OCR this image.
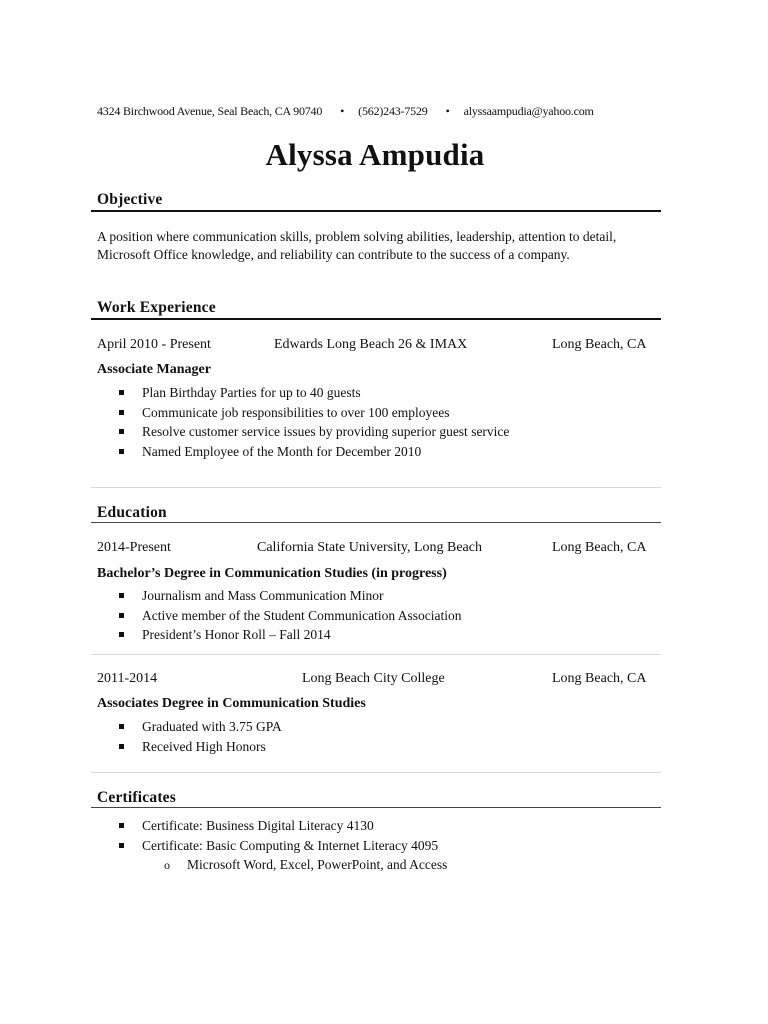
4324 Birchwood Avenue, Seal Beach, CA 90740 • (562)243-7529 • alyssaampudia@yahoo.com
Alyssa Ampudia
Objective
A position where communication skills, problem solving abilities, leadership, attention to detail, Microsoft Office knowledge, and reliability can contribute to the success of a company.
Work Experience
April 2010 - Present	Edwards Long Beach 26 & IMAX	Long Beach, CA
Associate Manager
Plan Birthday Parties for up to 40 guests
Communicate job responsibilities to over 100 employees
Resolve customer service issues by providing superior guest service
Named Employee of the Month for December 2010
Education
2014-Present	California State University, Long Beach	Long Beach, CA
Bachelor’s Degree in Communication Studies (in progress)
Journalism and Mass Communication Minor
Active member of the Student Communication Association
President’s Honor Roll – Fall 2014
2011-2014	Long Beach City College	Long Beach, CA
Associates Degree in Communication Studies
Graduated with 3.75 GPA
Received High Honors
Certificates
Certificate: Business Digital Literacy 4130
Certificate: Basic Computing & Internet Literacy 4095
o Microsoft Word, Excel, PowerPoint, and Access
